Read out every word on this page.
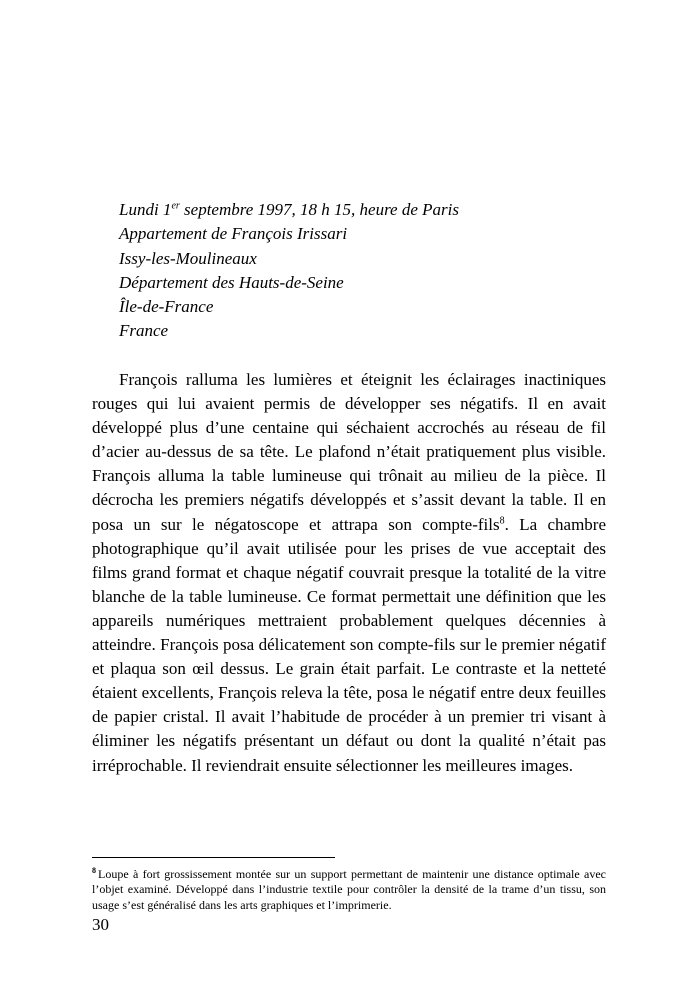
Lundi 1er septembre 1997, 18 h 15, heure de Paris
Appartement de François Irissari
Issy-les-Moulineaux
Département des Hauts-de-Seine
Île-de-France
France

François ralluma les lumières et éteignit les éclairages inactiniques rouges qui lui avaient permis de développer ses négatifs. Il en avait développé plus d’une centaine qui séchaient accrochés au réseau de fil d’acier au-dessus de sa tête. Le plafond n’était pratiquement plus visible. François alluma la table lumineuse qui trônait au milieu de la pièce. Il décrocha les premiers négatifs développés et s’assit devant la table. Il en posa un sur le négatoscope et attrapa son compte-fils$^8$. La chambre photographique qu’il avait utilisée pour les prises de vue acceptait des films grand format et chaque négatif couvrait presque la totalité de la vitre blanche de la table lumineuse. Ce format permettait une définition que les appareils numériques mettraient probablement quelques décennies à atteindre. François posa délicatement son compte-fils sur le premier négatif et plaqua son œil dessus. Le grain était parfait. Le contraste et la netteté étaient excellents, François releva la tête, posa le négatif entre deux feuilles de papier cristal. Il avait l’habitude de procéder à un premier tri visant à éliminer les négatifs présentant un défaut ou dont la qualité n’était pas irréprochable. Il reviendrait ensuite sélectionner les meilleures images.

$^8$ Loupe à fort grossissement montée sur un support permettant de maintenir une distance optimale avec l’objet examiné. Développé dans l’industrie textile pour contrôler la densité de la trame d’un tissu, son usage s’est généralisé dans les arts graphiques et l’imprimerie.
30
